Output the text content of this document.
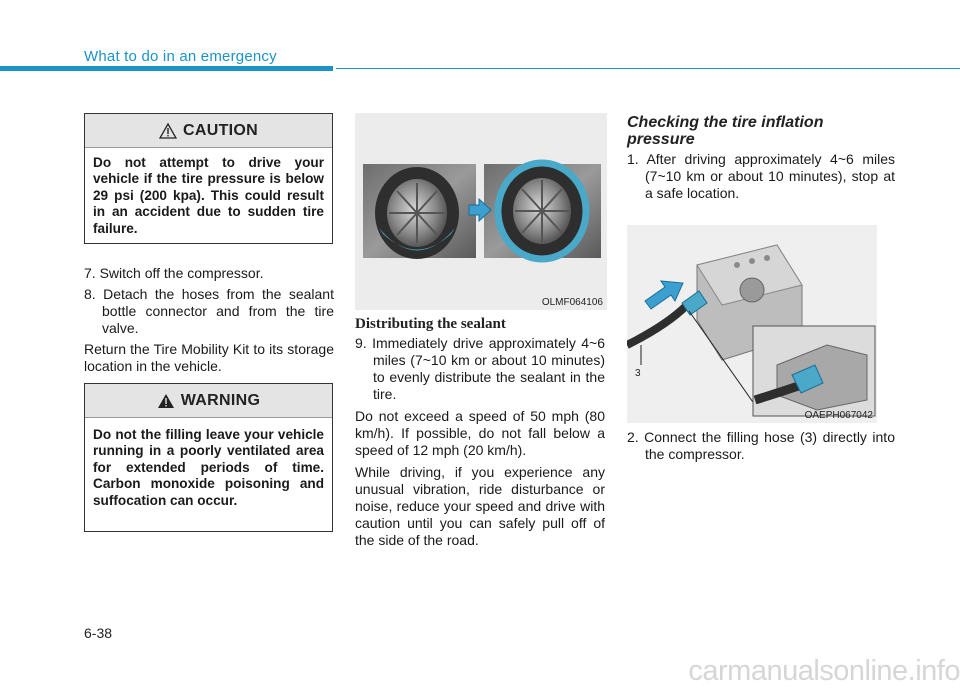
What to do in an emergency
CAUTION
Do not attempt to drive your vehicle if the tire pressure is below 29 psi (200 kpa). This could result in an accident due to sudden tire failure.
7. Switch off the compressor.
8. Detach the hoses from the sealant bottle connector and from the tire valve.
Return the Tire Mobility Kit to its storage location in the vehicle.
WARNING
Do not the filling leave your vehicle running in a poorly ventilated area for extended periods of time. Carbon monoxide poisoning and suffocation can occur.
OLMF064106
Distributing the sealant
9. Immediately drive approximately 4~6 miles (7~10 km or about 10 minutes) to evenly distribute the sealant in the tire.
Do not exceed a speed of 50 mph (80 km/h). If possible, do not fall below a speed of 12 mph (20 km/h).
While driving, if you experience any unusual vibration, ride disturbance or noise, reduce your speed and drive with caution until you can safely pull off of the side of the road.
Checking the tire inflation pressure
1. After driving approximately 4~6 miles (7~10 km or about 10 minutes), stop at a safe location.
3
OAEPH067042
2. Connect the filling hose (3) directly into the compressor.
6-38
carmanualsonline.info
